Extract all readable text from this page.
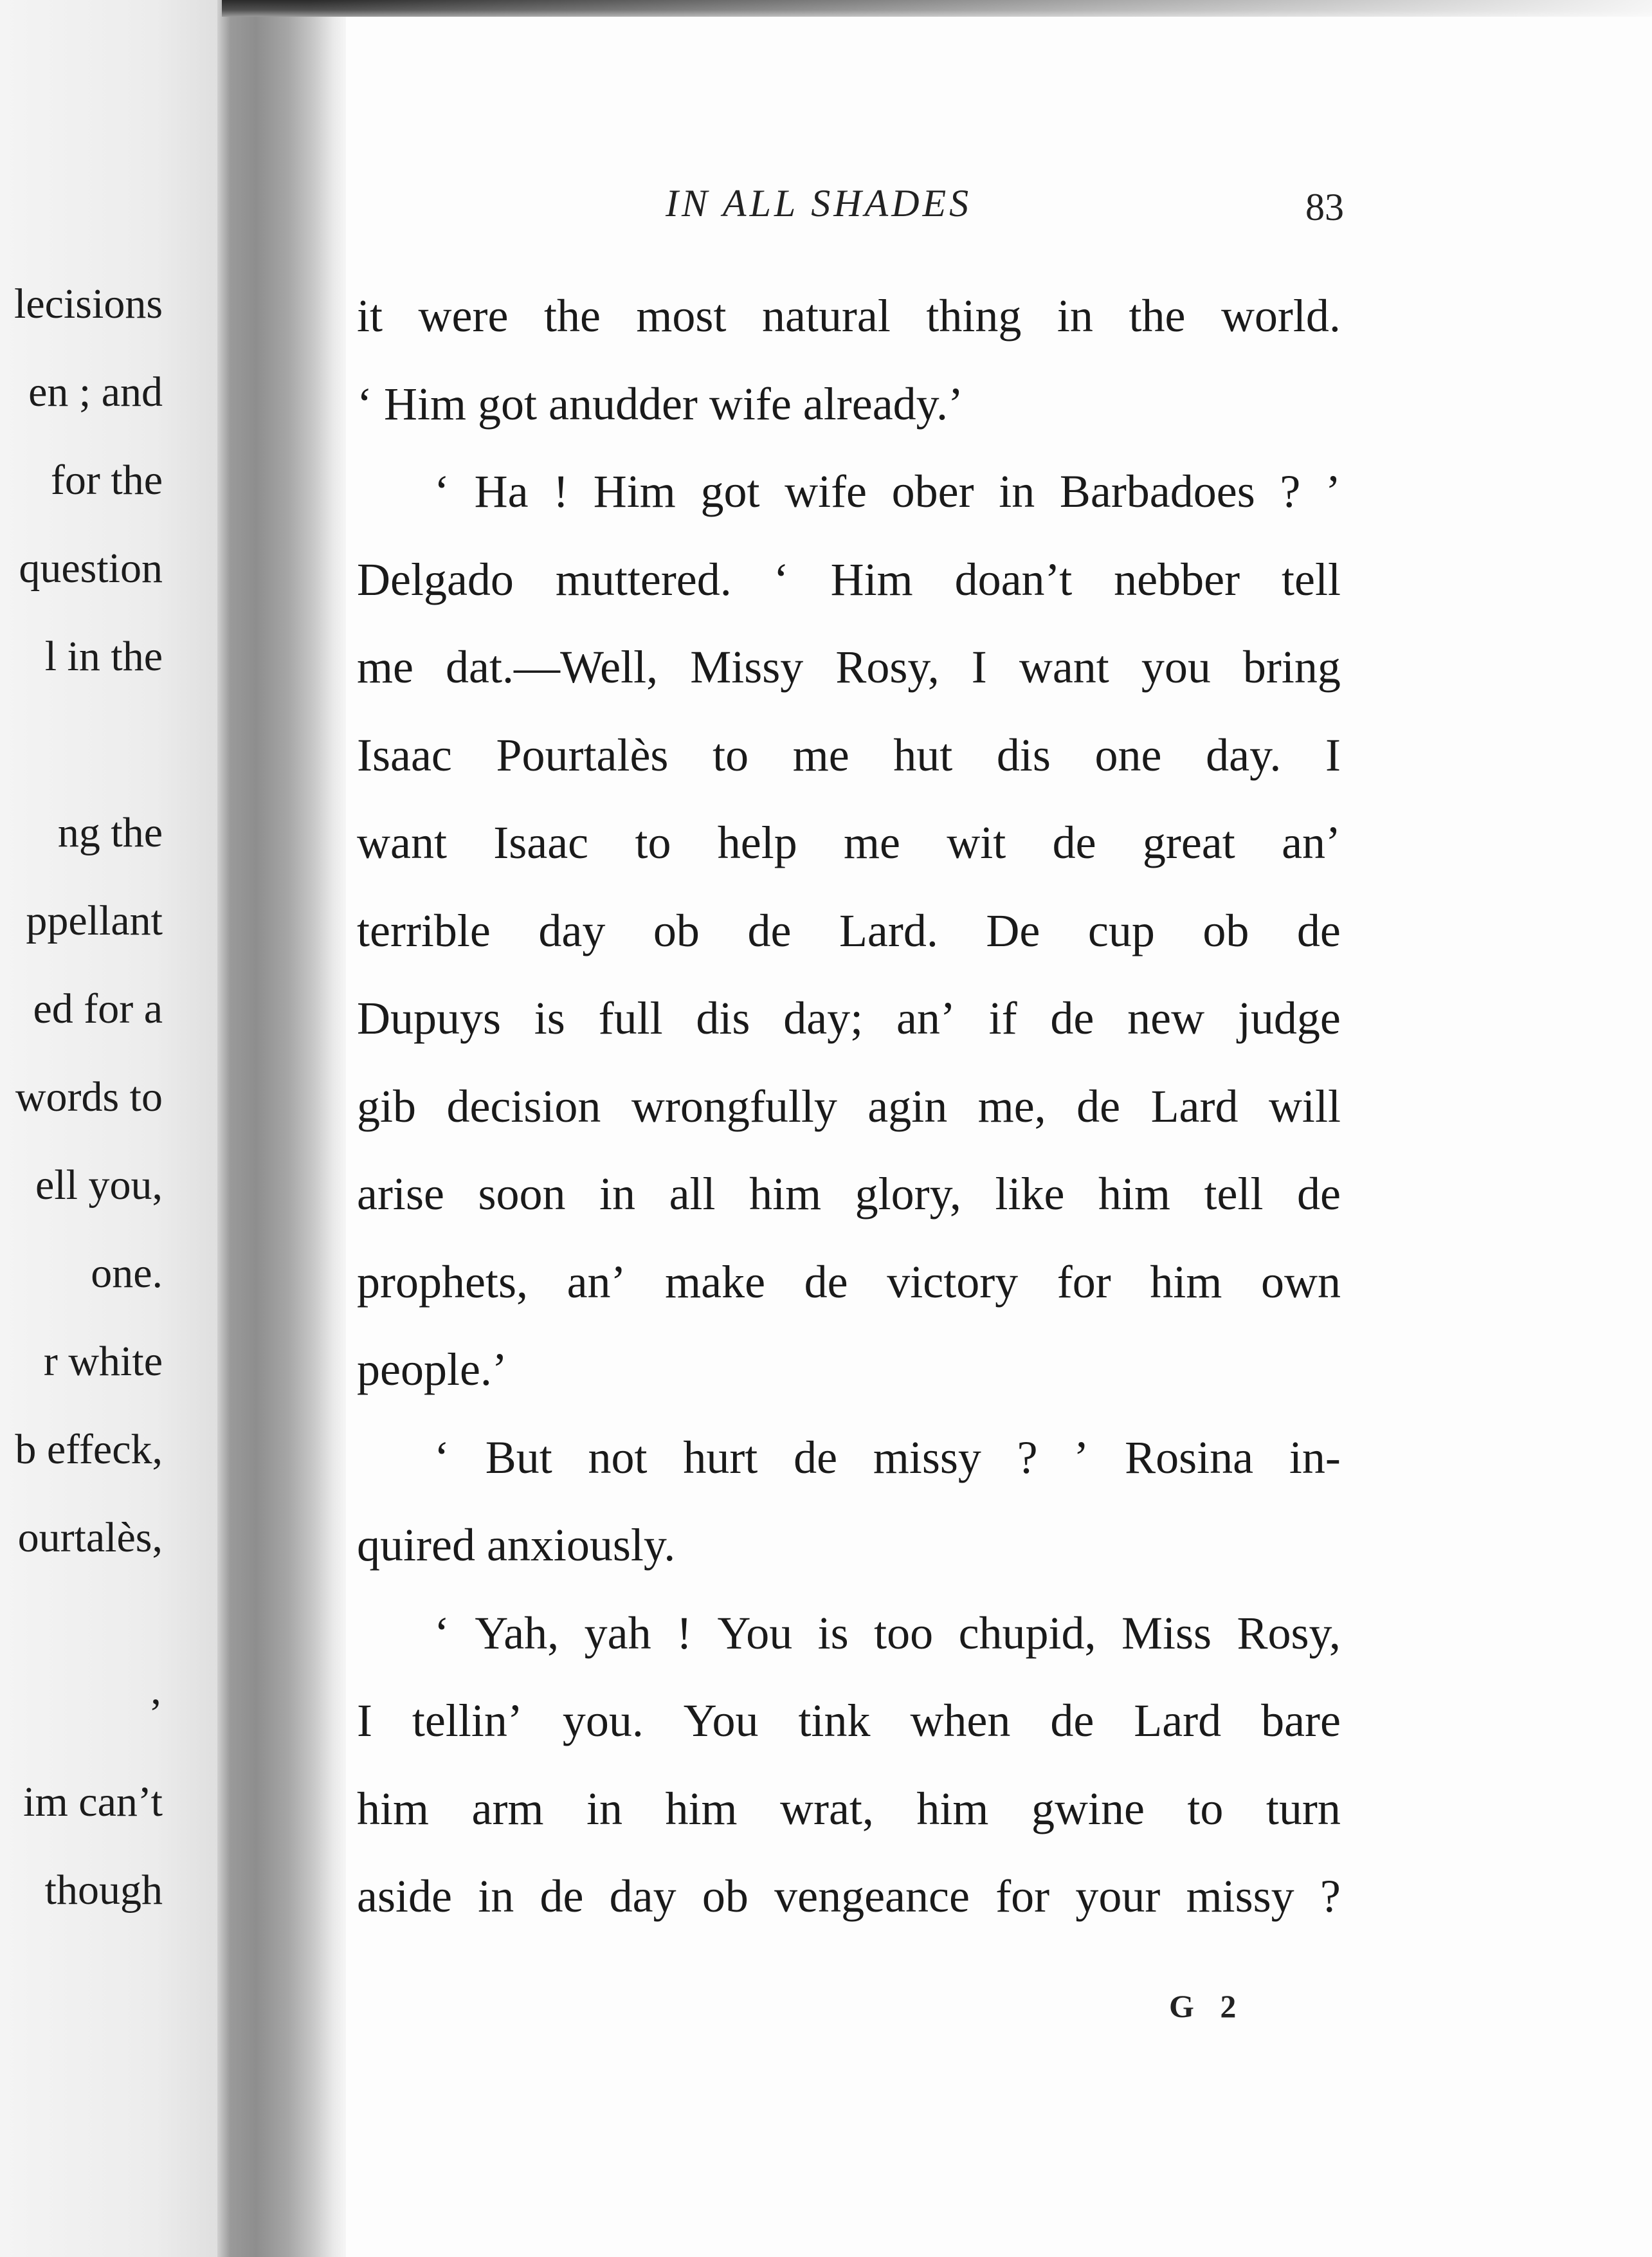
lecisions
en ; and
for the
question
l in the
ng the
ppellant
ed for a
words to
ell you,
one.
r white
b effeck,
ourtalès,
’
im can’t
though
IN ALL SHADES	83
it were the most natural thing in the world.
‘ Him got anudder wife already.’
‘ Ha ! Him got wife ober in Barbadoes ? ’
Delgado muttered. ‘ Him doan’t nebber tell
me dat.—Well, Missy Rosy, I want you bring
Isaac Pourtalès to me hut dis one day. I
want Isaac to help me wit de great an’
terrible day ob de Lard. De cup ob de
Dupuys is full dis day; an’ if de new judge
gib decision wrongfully agin me, de Lard will
arise soon in all him glory, like him tell de
prophets, an’ make de victory for him own
people.’
‘ But not hurt de missy ? ’ Rosina in-
quired anxiously.
‘ Yah, yah ! You is too chupid, Miss Rosy,
I tellin’ you. You tink when de Lard bare
him arm in him wrat, him gwine to turn
aside in de day ob vengeance for your missy ?
G 2
